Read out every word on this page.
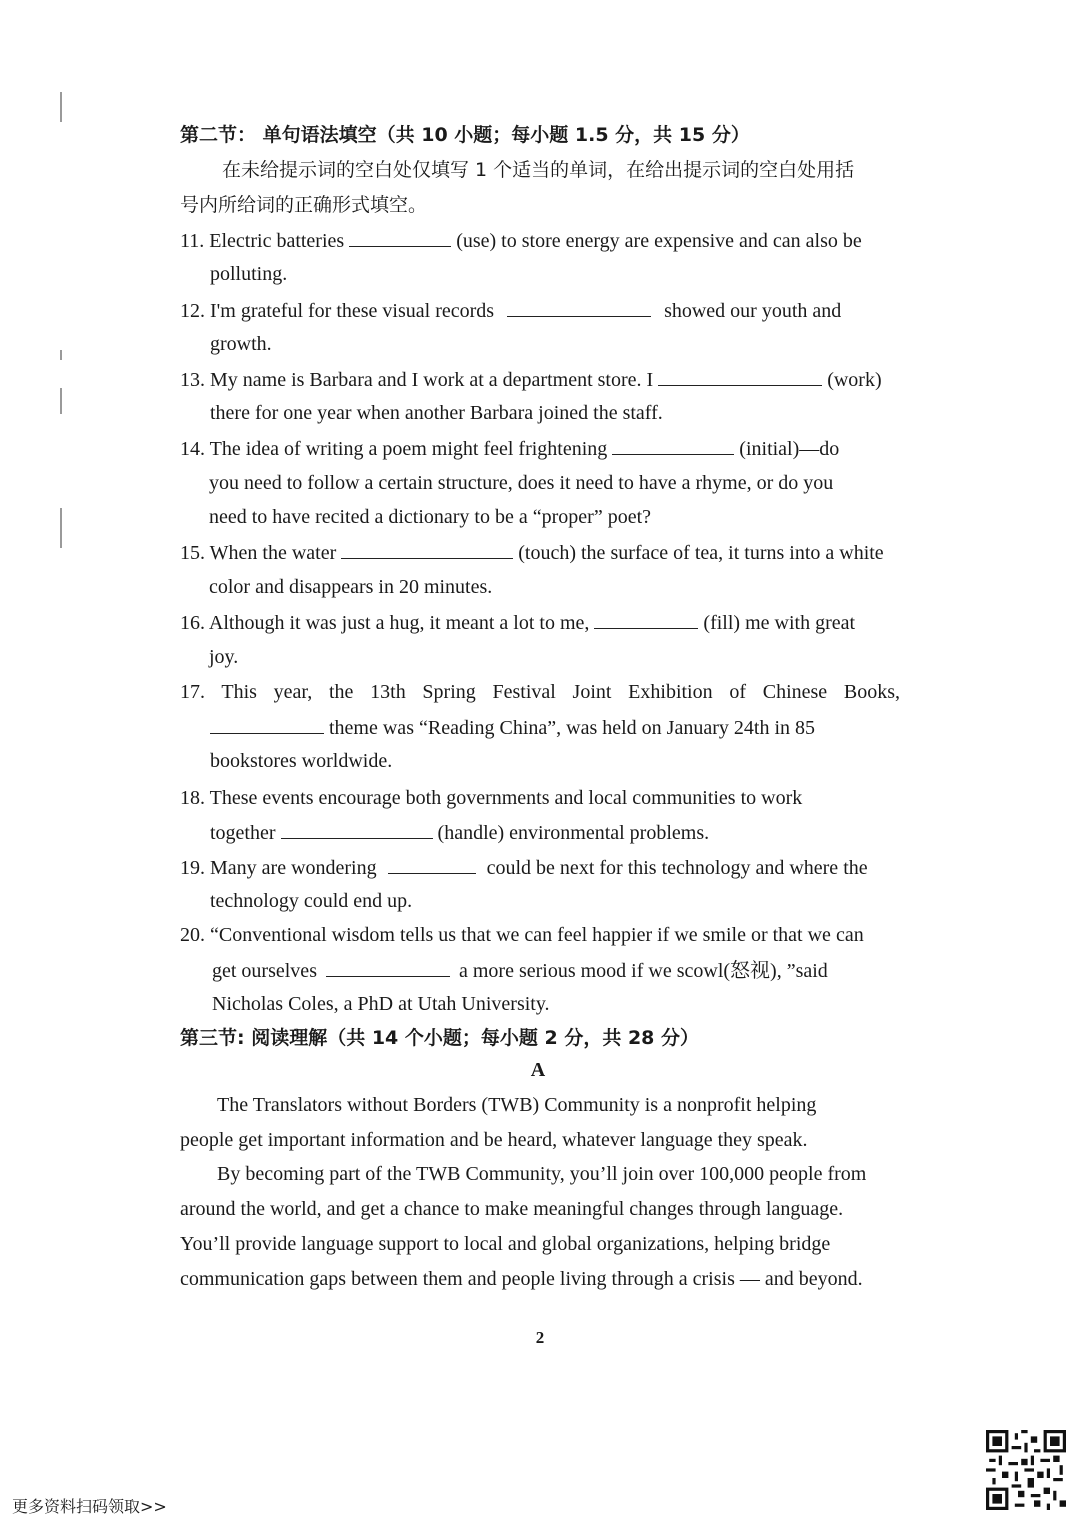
第二节： 单句语法填空（共 10 小题；每小题 1.5 分，共 15 分）
在未给提示词的空白处仅填写 1 个适当的单词，在给出提示词的空白处用括
号内所给词的正确形式填空。
11. Electric batteries	(use) to store energy are expensive and can also be
polluting.
12. I'm grateful for these visual records	showed our youth and
growth.
13. My name is Barbara and I work at a department store. I	(work)
there for one year when another Barbara joined the staff.
14. The idea of writing a poem might feel frightening	(initial)—do
you need to follow a certain structure, does it need to have a rhyme, or do you
need to have recited a dictionary to be a “proper” poet?
15. When the water	(touch) the surface of tea, it turns into a white
color and disappears in 20 minutes.
16. Although it was just a hug, it meant a lot to me,	(fill) me with great
joy.
17. This year, the 13th Spring Festival Joint Exhibition of Chinese Books,
theme was “Reading China”, was held on January 24th in 85
bookstores worldwide.
18. These events encourage both governments and local communities to work
together	(handle) environmental problems.
19. Many are wondering	could be next for this technology and where the
technology could end up.
20. “Conventional wisdom tells us that we can feel happier if we smile or that we can
get ourselves	a more serious mood if we scowl(怒视), ”said
Nicholas Coles, a PhD at Utah University.
第三节: 阅读理解（共 14 个小题；每小题 2 分，共 28 分）
A
The Translators without Borders (TWB) Community is a nonprofit helping
people get important information and be heard, whatever language they speak.
By becoming part of the TWB Community, you’ll join over 100,000 people from
around the world, and get a chance to make meaningful changes through language.
You’ll provide language support to local and global organizations, helping bridge
communication gaps between them and people living through a crisis — and beyond.
2
更多资料扫码领取>>
